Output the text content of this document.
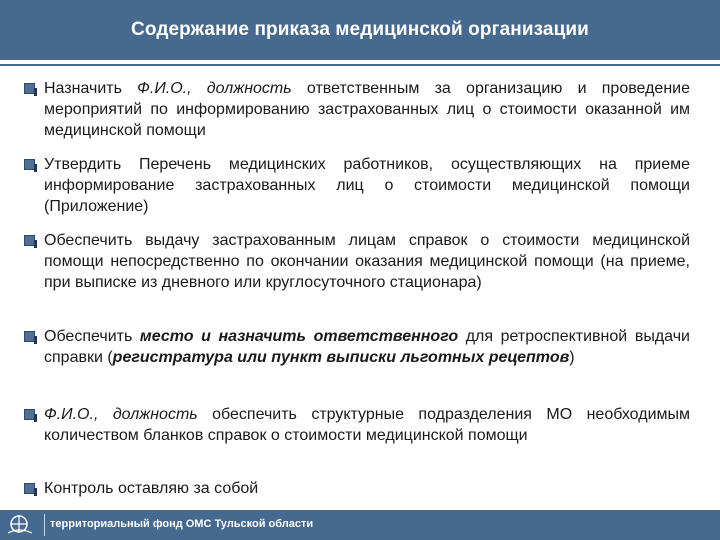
Содержание приказа медицинской организации

Назначить Ф.И.О., должность ответственным за организацию и проведение мероприятий по информированию застрахованных лиц о стоимости оказанной им медицинской помощи

Утвердить Перечень медицинских работников, осуществляющих на приеме информирование застрахованных лиц о стоимости медицинской помощи (Приложение)

Обеспечить выдачу застрахованным лицам справок о стоимости медицинской помощи непосредственно по окончании оказания медицинской помощи (на приеме, при выписке из дневного или круглосуточного стационара)

Обеспечить место и назначить ответственного для ретроспективной выдачи справки (регистратура или пункт выписки льготных рецептов)

Ф.И.О., должность обеспечить структурные подразделения МО необходимым количеством бланков справок о стоимости медицинской помощи

Контроль оставляю за собой

территориальный фонд ОМС Тульской области
